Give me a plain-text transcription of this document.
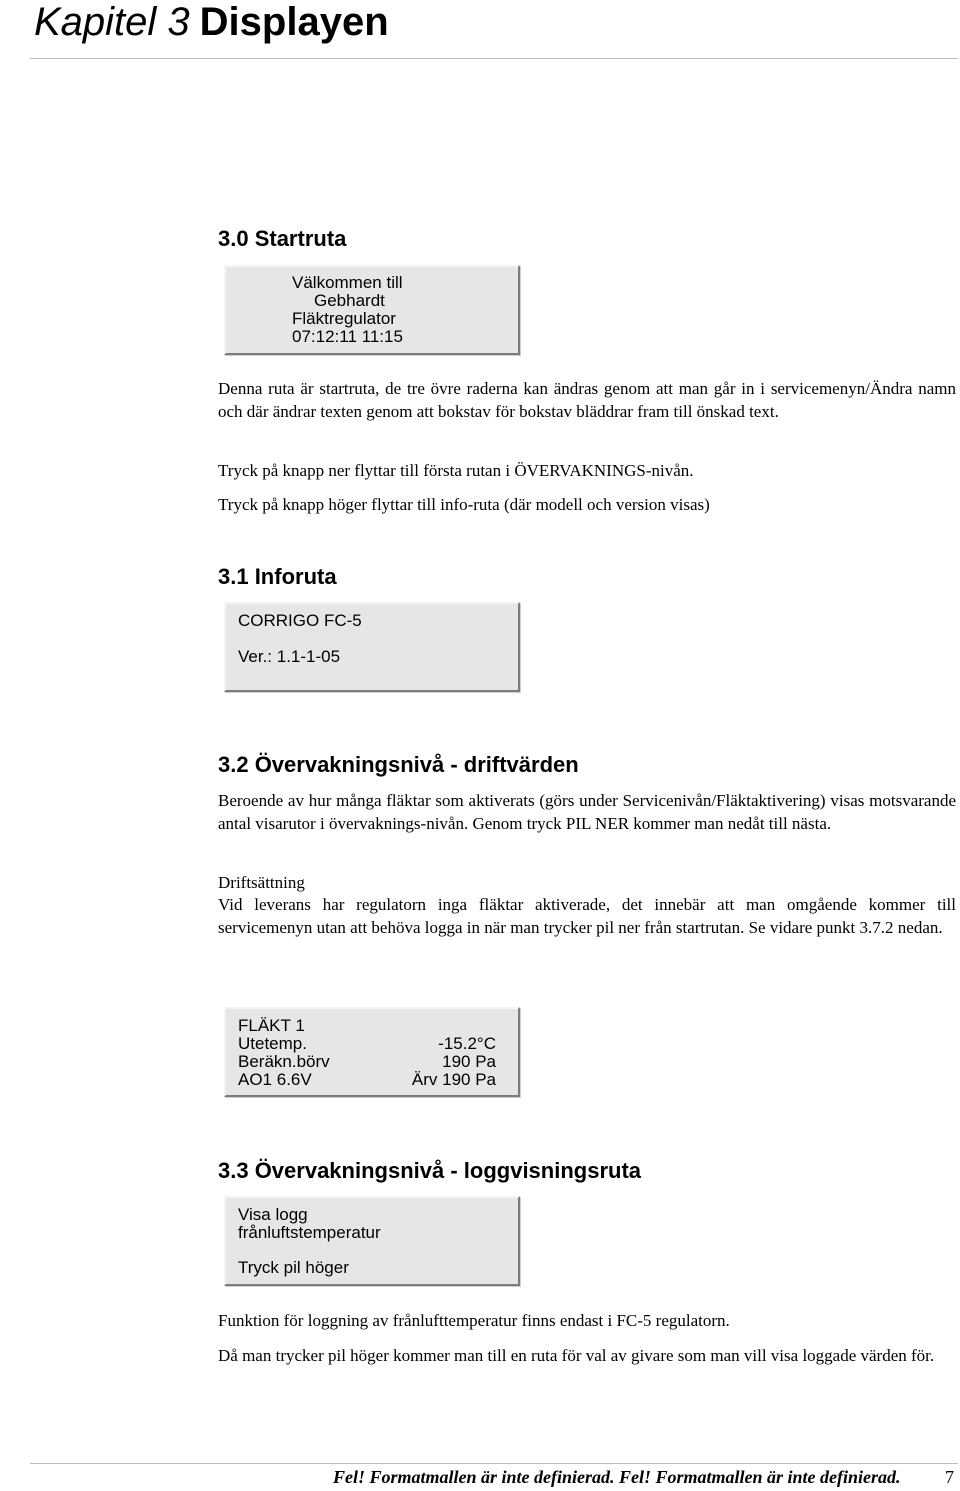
Kapitel 3 Displayen
3.0 Startruta
Välkommen till
Gebhardt
Fläktregulator
07:12:11 11:15
Denna ruta är startruta, de tre övre raderna kan ändras genom att man går in i servicemenyn/Ändra namn och där ändrar texten genom att bokstav för bokstav bläddrar fram till önskad text.
Tryck på knapp ner flyttar till första rutan i ÖVERVAKNINGS-nivån.
Tryck på knapp höger flyttar till info-ruta (där modell och version visas)
3.1 Inforuta
CORRIGO FC-5
Ver.: 1.1-1-05
3.2 Övervakningsnivå - driftvärden
Beroende av hur många fläktar som aktiverats (görs under Servicenivån/Fläktaktivering) visas motsvarande antal visarutor i övervaknings-nivån. Genom tryck PIL NER kommer man nedåt till nästa.
Driftsättning
Vid leverans har regulatorn inga fläktar aktiverade, det innebär att man omgående kommer till servicemenyn utan att behöva logga in när man trycker pil ner från startrutan. Se vidare punkt 3.7.2 nedan.
FLÄKT 1
Utetemp.	-15.2°C
Beräkn.börv	190 Pa
AO1 6.6V	Ärv 190 Pa
3.3 Övervakningsnivå - loggvisningsruta
Visa logg
frånluftstemperatur
Tryck pil höger
Funktion för loggning av frånlufttemperatur finns endast i FC-5 regulatorn.
Då man trycker pil höger kommer man till en ruta för val av givare som man vill visa loggade värden för.
Fel! Formatmallen är inte definierad. Fel! Formatmallen är inte definierad. 7
